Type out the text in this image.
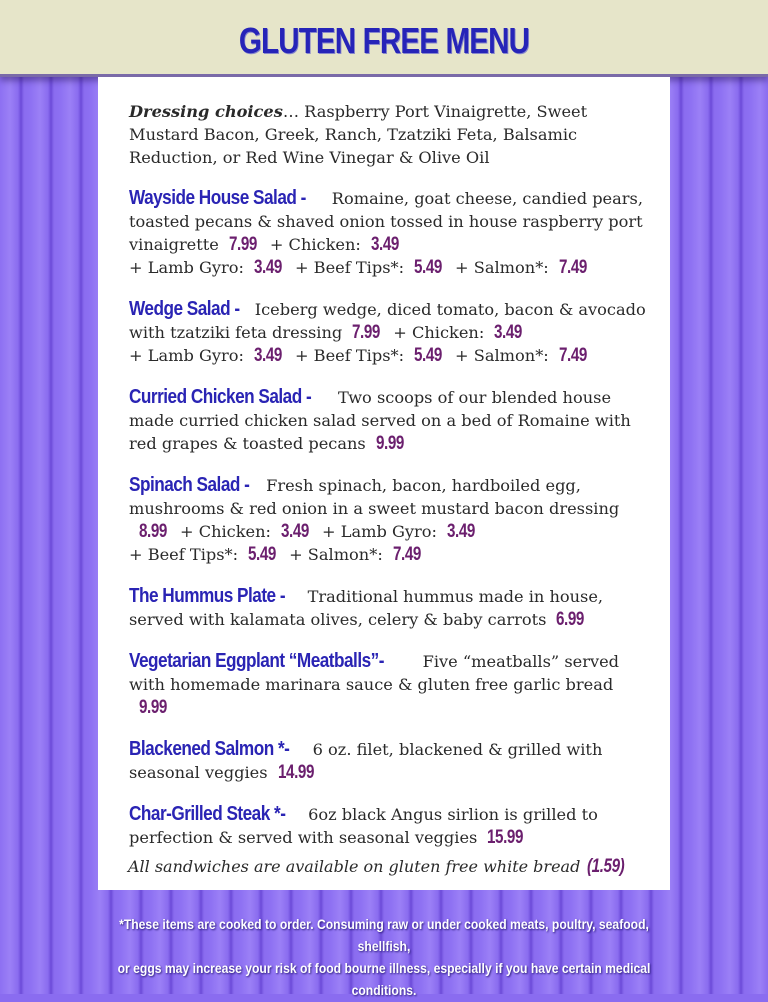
GLUTEN FREE MENU
Dressing choices… Raspberry Port Vinaigrette, Sweet Mustard Bacon, Greek, Ranch, Tzatziki Feta, Balsamic Reduction, or Red Wine Vinegar & Olive Oil
Wayside House Salad - Romaine, goat cheese, candied pears, toasted pecans & shaved onion tossed in house raspberry port vinaigrette 7.99 + Chicken: 3.49
+ Lamb Gyro: 3.49 + Beef Tips*: 5.49 + Salmon*: 7.49
Wedge Salad - Iceberg wedge, diced tomato, bacon & avocado with tzatziki feta dressing 7.99 + Chicken: 3.49
+ Lamb Gyro: 3.49 + Beef Tips*: 5.49 + Salmon*: 7.49
Curried Chicken Salad - Two scoops of our blended house made curried chicken salad served on a bed of Romaine with red grapes & toasted pecans 9.99
Spinach Salad - Fresh spinach, bacon, hardboiled egg, mushrooms & red onion in a sweet mustard bacon dressing8.99 + Chicken: 3.49 + Lamb Gyro: 3.49
+ Beef Tips*: 5.49 + Salmon*: 7.49
The Hummus Plate - Traditional hummus made in house, served with kalamata olives, celery & baby carrots 6.99
Vegetarian Eggplant “Meatballs”- Five “meatballs” served with homemade marinara sauce & gluten free garlic bread9.99
Blackened Salmon *- 6 oz. filet, blackened & grilled with seasonal veggies 14.99
Char-Grilled Steak *- 6oz black Angus sirlion is grilled to perfection & served with seasonal veggies 15.99
All sandwiches are available on gluten free white bread (1.59)
*These items are cooked to order. Consuming raw or under cooked meats, poultry, seafood, shellfish,
or eggs may increase your risk of food bourne illness, especially if you have certain medical conditions.
